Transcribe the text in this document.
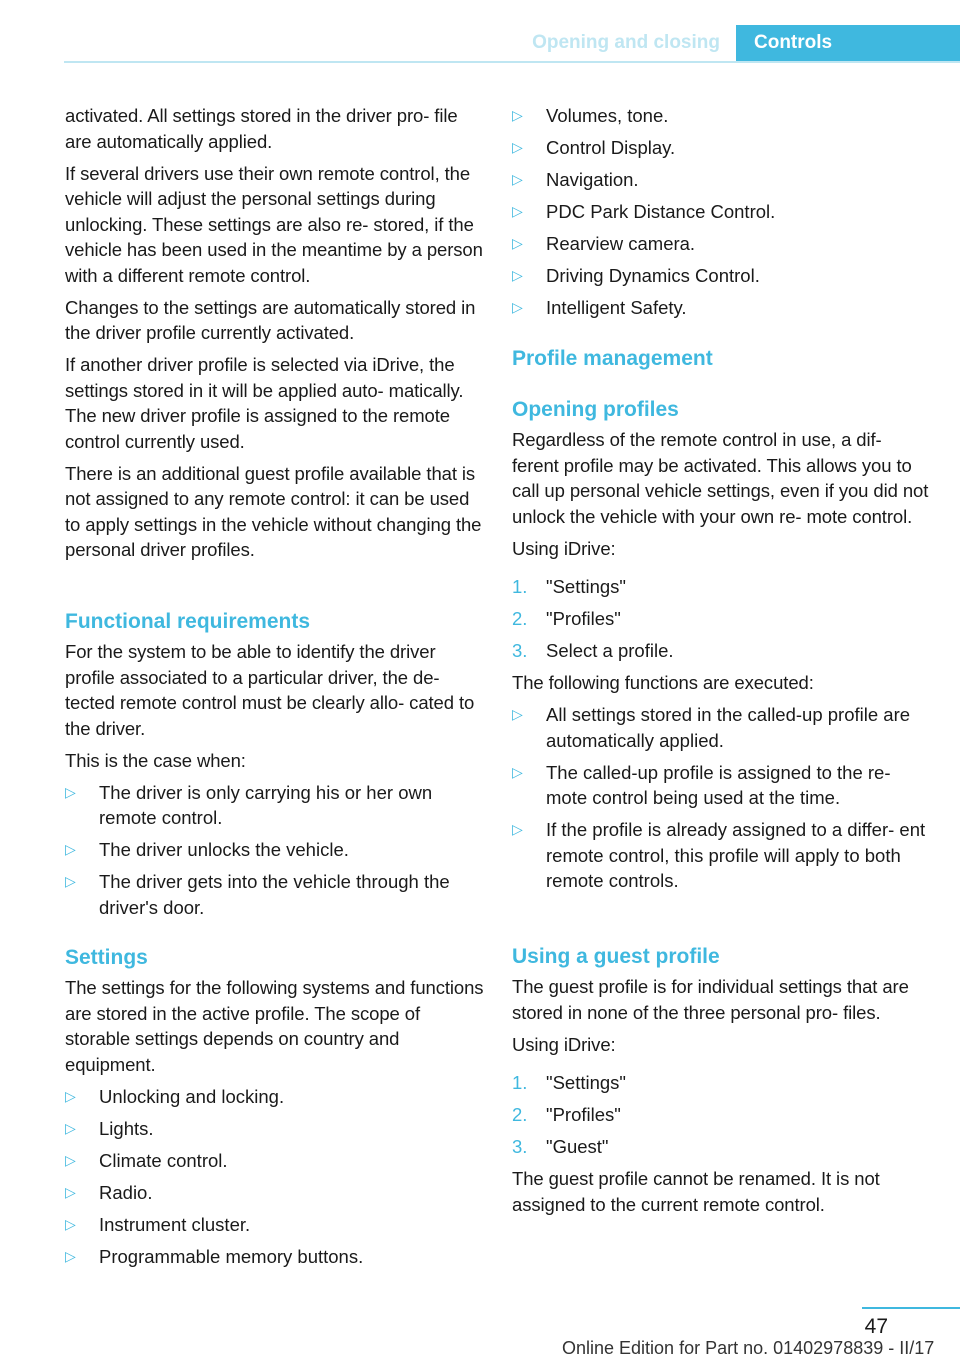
Opening and closing	Controls

activated. All settings stored in the driver pro‐ file are automatically applied.

If several drivers use their own remote control, the vehicle will adjust the personal settings during unlocking. These settings are also re‐ stored, if the vehicle has been used in the meantime by a person with a different remote control.

Changes to the settings are automatically stored in the driver profile currently activated.

If another driver profile is selected via iDrive, the settings stored in it will be applied auto‐ matically. The new driver profile is assigned to the remote control currently used.

There is an additional guest profile available that is not assigned to any remote control: it can be used to apply settings in the vehicle without changing the personal driver profiles.

Functional requirements

For the system to be able to identify the driver profile associated to a particular driver, the de‐ tected remote control must be clearly allo‐ cated to the driver.

This is the case when:

▷ The driver is only carrying his or her own remote control.
▷ The driver unlocks the vehicle.
▷ The driver gets into the vehicle through the driver's door.
Settings

The settings for the following systems and functions are stored in the active profile. The scope of storable settings depends on country and equipment.

▷ Unlocking and locking.
▷ Lights.
▷ Climate control.
▷ Radio.
▷ Instrument cluster.
▷ Programmable memory buttons.
▷ Volumes, tone.
▷ Control Display.
▷ Navigation.
▷ PDC Park Distance Control.
▷ Rearview camera.
▷ Driving Dynamics Control.
▷ Intelligent Safety.
Profile management
Opening profiles

Regardless of the remote control in use, a dif‐ ferent profile may be activated. This allows you to call up personal vehicle settings, even if you did not unlock the vehicle with your own re‐ mote control.

Using iDrive:

1. "Settings"
2. "Profiles"
3. Select a profile.

The following functions are executed:

▷ All settings stored in the called-up profile are automatically applied.
▷ The called-up profile is assigned to the re‐ mote control being used at the time.
▷ If the profile is already assigned to a differ‐ ent remote control, this profile will apply to both remote controls.
Using a guest profile

The guest profile is for individual settings that are stored in none of the three personal pro‐ files.

Using iDrive:

1. "Settings"
2. "Profiles"
3. "Guest"

The guest profile cannot be renamed. It is not assigned to the current remote control.

47
Online Edition for Part no. 01402978839 - II/17
